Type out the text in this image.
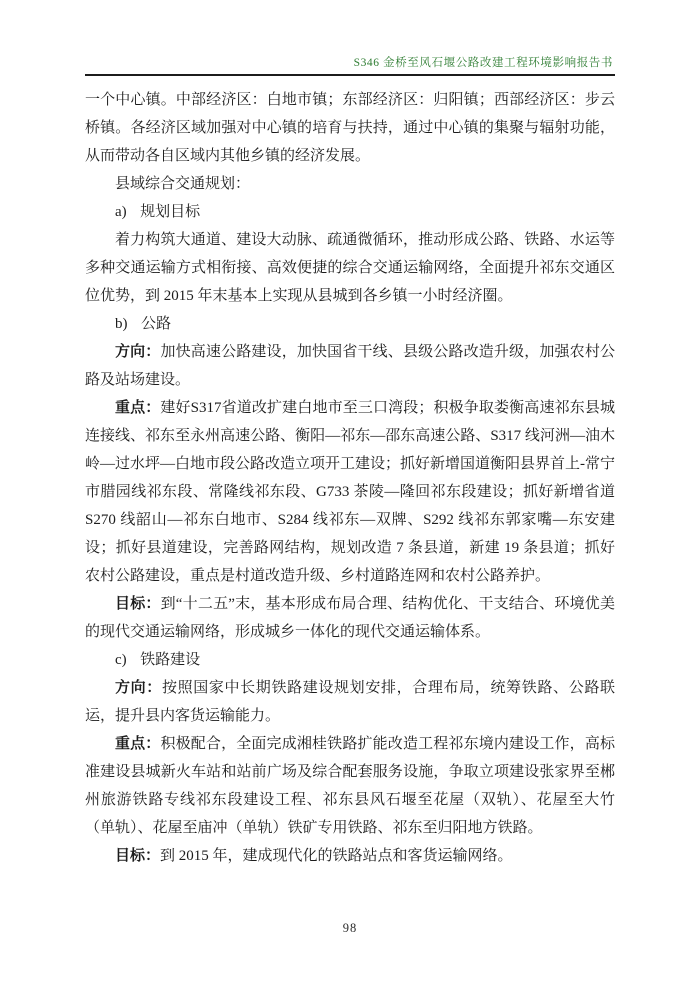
S346 金桥至风石堰公路改建工程环境影响报告书

一个中心镇。中部经济区：白地市镇；东部经济区：归阳镇；西部经济区：步云桥镇。各经济区域加强对中心镇的培育与扶持，通过中心镇的集聚与辐射功能，从而带动各自区域内其他乡镇的经济发展。

县域综合交通规划：

a) 规划目标

着力构筑大通道、建设大动脉、疏通微循环，推动形成公路、铁路、水运等多种交通运输方式相衔接、高效便捷的综合交通运输网络，全面提升祁东交通区位优势，到 2015 年末基本上实现从县城到各乡镇一小时经济圈。

b) 公路

方向：加快高速公路建设，加快国省干线、县级公路改造升级，加强农村公路及站场建设。

重点：建好S317省道改扩建白地市至三口湾段；积极争取娄衡高速祁东县城连接线、祁东至永州高速公路、衡阳—祁东—邵东高速公路、S317 线河洲—油木岭—过水坪—白地市段公路改造立项开工建设；抓好新增国道衡阳县界首上-常宁市腊园线祁东段、常隆线祁东段、G733 茶陵—隆回祁东段建设；抓好新增省道 S270 线韶山—祁东白地市、S284 线祁东—双牌、S292 线祁东郭家嘴—东安建设；抓好县道建设，完善路网结构，规划改造 7 条县道，新建 19 条县道；抓好农村公路建设，重点是村道改造升级、乡村道路连网和农村公路养护。

目标：到“十二五”末，基本形成布局合理、结构优化、干支结合、环境优美的现代交通运输网络，形成城乡一体化的现代交通运输体系。

c) 铁路建设

方向：按照国家中长期铁路建设规划安排，合理布局，统筹铁路、公路联运，提升县内客货运输能力。

重点：积极配合，全面完成湘桂铁路扩能改造工程祁东境内建设工作，高标准建设县城新火车站和站前广场及综合配套服务设施，争取立项建设张家界至郴州旅游铁路专线祁东段建设工程、祁东县风石堰至花屋（双轨）、花屋至大竹（单轨）、花屋至庙冲（单轨）铁矿专用铁路、祁东至归阳地方铁路。

目标：到 2015 年，建成现代化的铁路站点和客货运输网络。

98
